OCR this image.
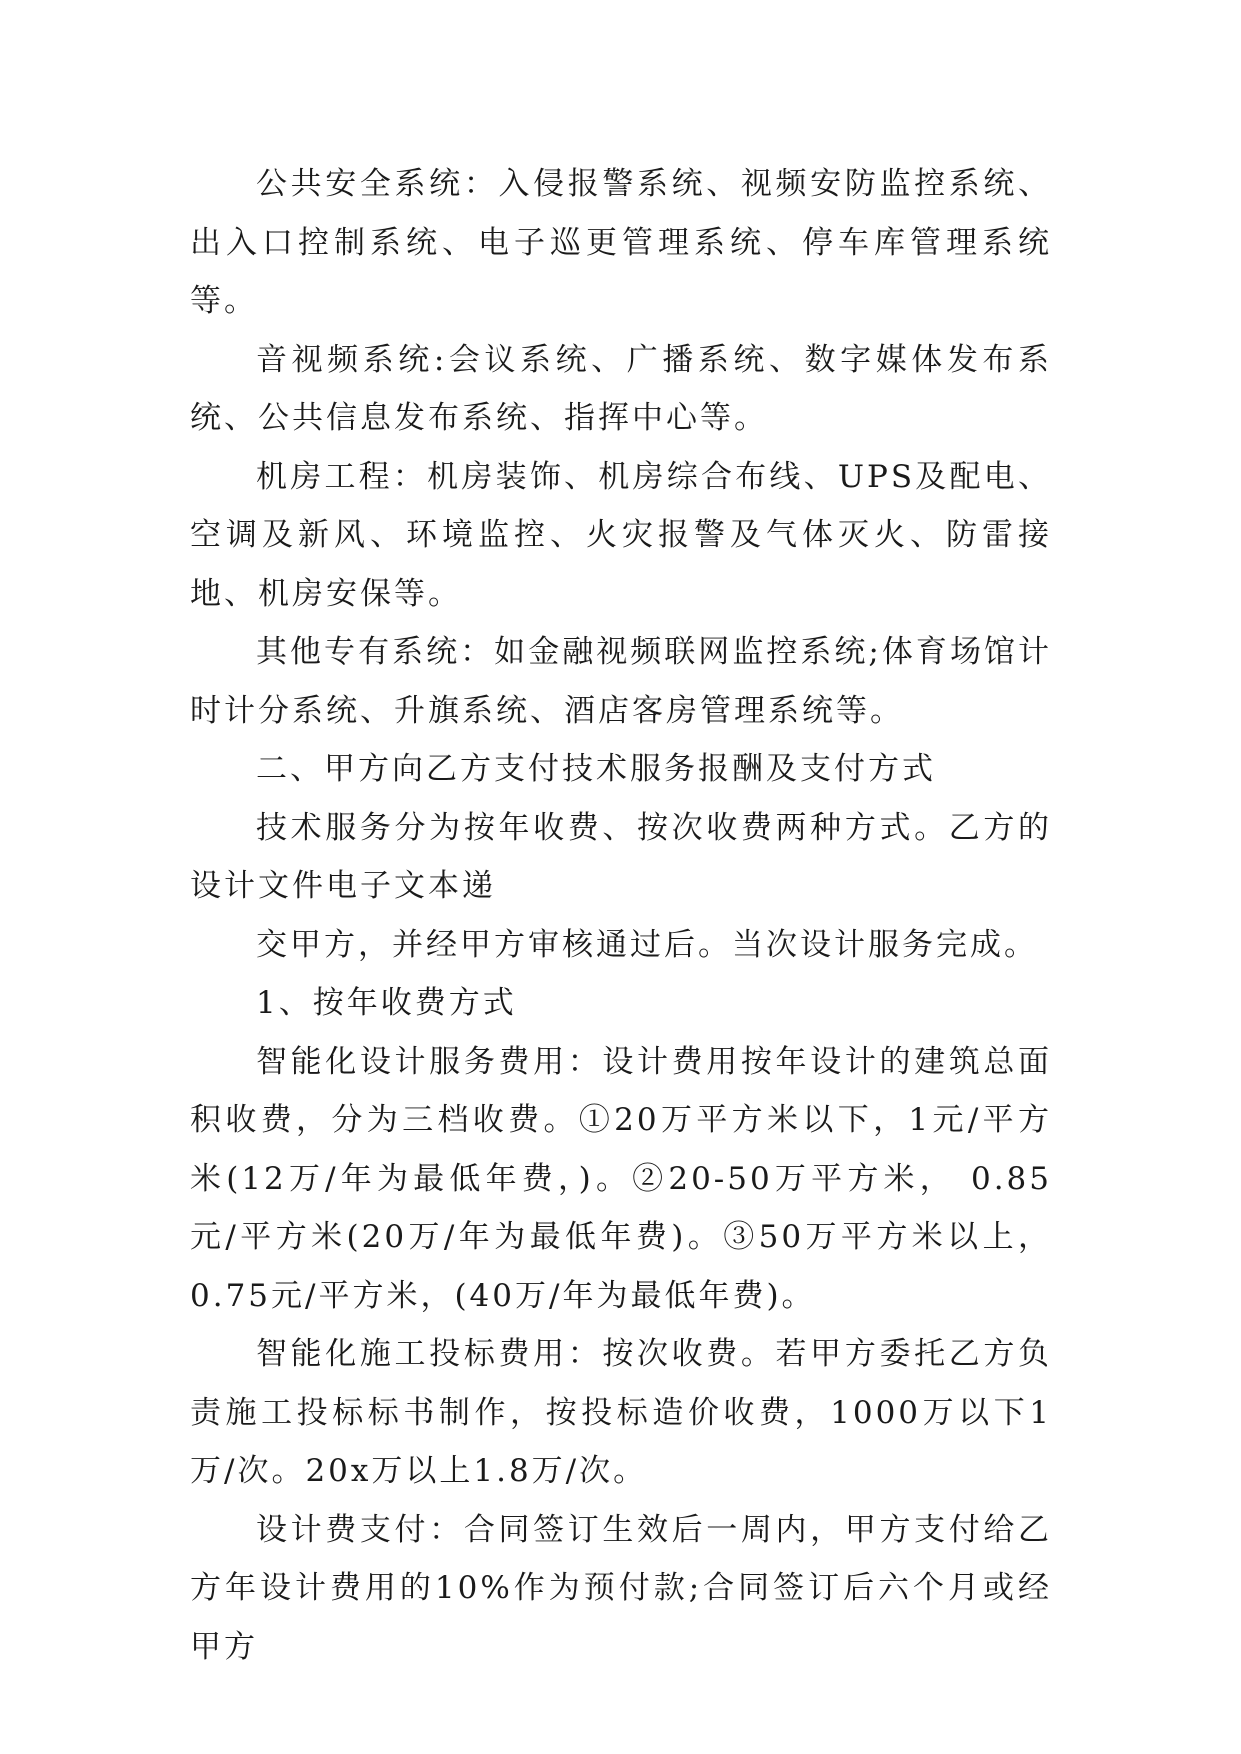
公共安全系统：入侵报警系统、视频安防监控系统、出入口控制系统、电子巡更管理系统、停车库管理系统等。

音视频系统:会议系统、广播系统、数字媒体发布系统、公共信息发布系统、指挥中心等。

机房工程：机房装饰、机房综合布线、UPS及配电、空调及新风、环境监控、火灾报警及气体灭火、防雷接地、机房安保等。

其他专有系统：如金融视频联网监控系统;体育场馆计时计分系统、升旗系统、酒店客房管理系统等。

二、甲方向乙方支付技术服务报酬及支付方式

技术服务分为按年收费、按次收费两种方式。乙方的设计文件电子文本递

交甲方，并经甲方审核通过后。当次设计服务完成。

1、按年收费方式

智能化设计服务费用：设计费用按年设计的建筑总面积收费，分为三档收费。①20万平方米以下，1元/平方米(12万/年为最低年费，)。②20-50万平方米， 0.85元/平方米(20万/年为最低年费)。③50万平方米以上，0.75元/平方米，(40万/年为最低年费)。

智能化施工投标费用：按次收费。若甲方委托乙方负责施工投标标书制作，按投标造价收费，1000万以下1万/次。20x万以上1.8万/次。

设计费支付：合同签订生效后一周内，甲方支付给乙方年设计费用的10%作为预付款;合同签订后六个月或经甲方
